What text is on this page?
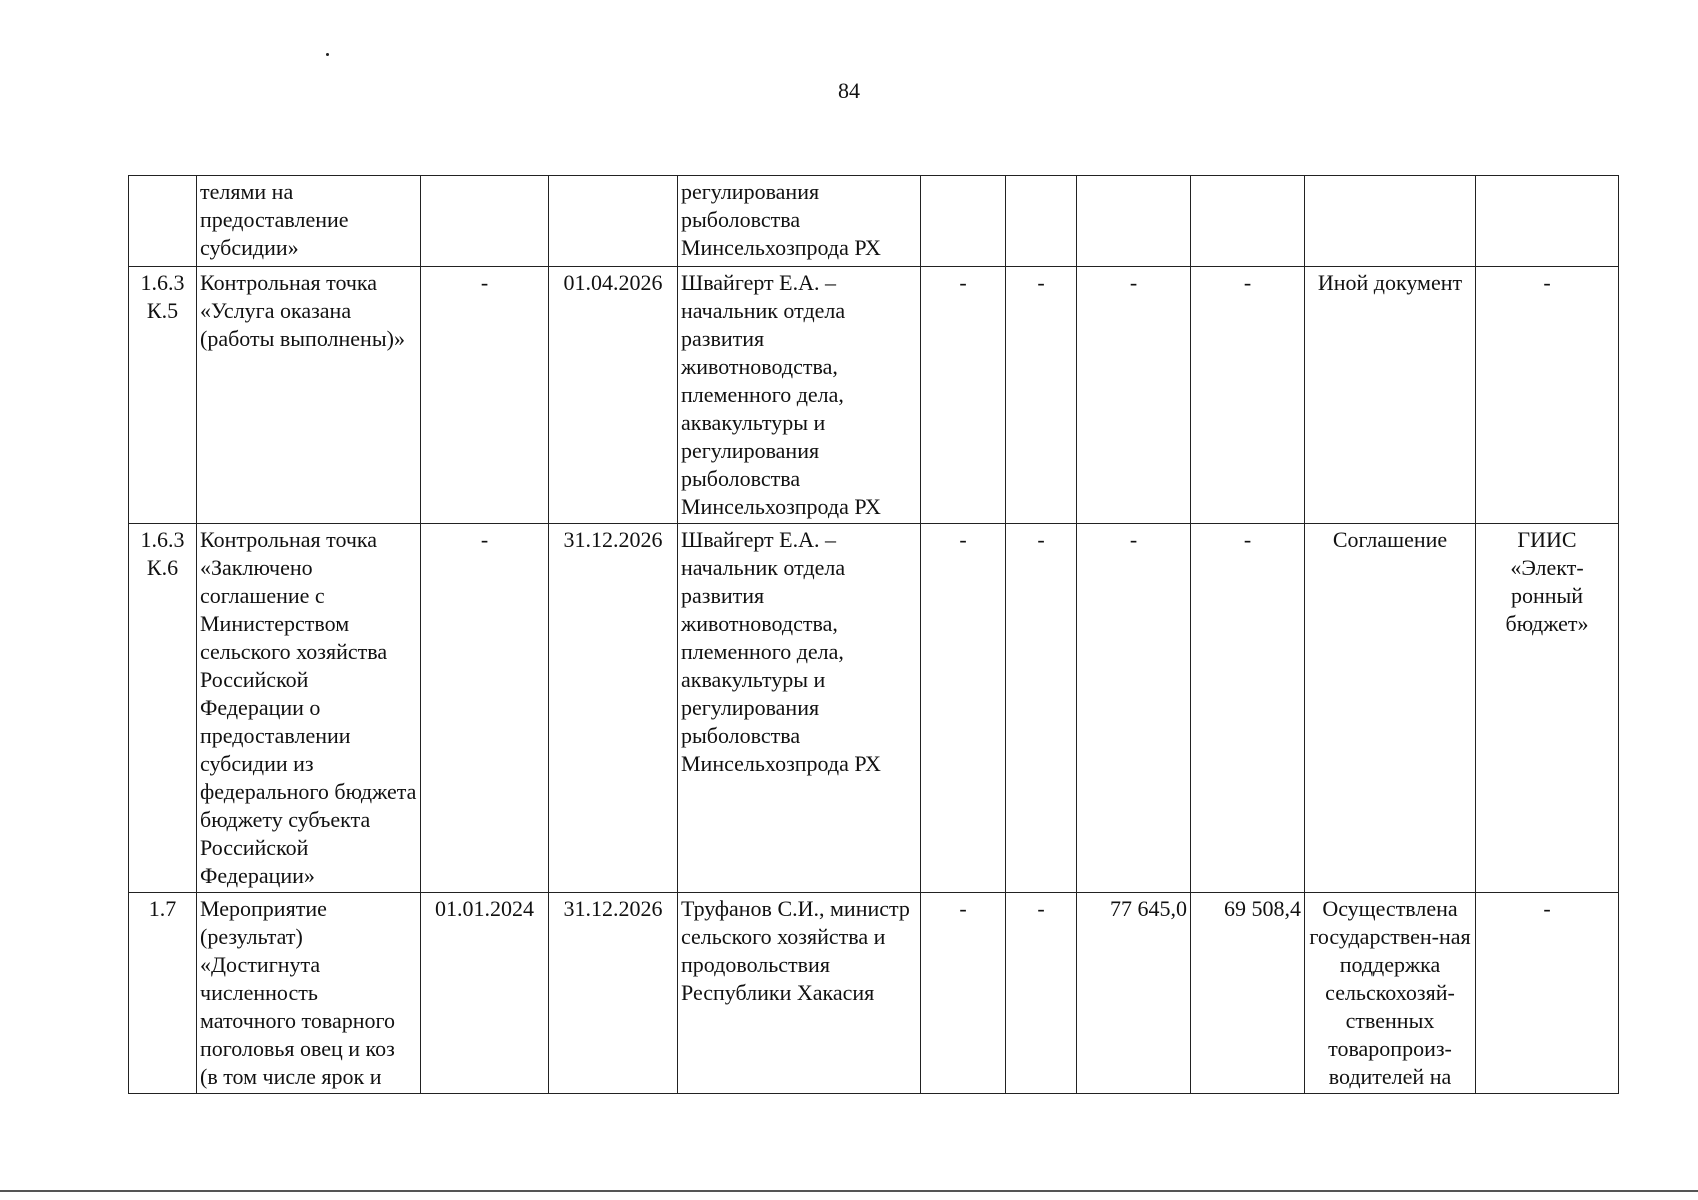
84
	телями на предоставление субсидии»			регулирования рыболовства Минсельхозпрода РХ						
1.6.3 К.5	Контрольная точка «Услуга оказана (работы выполнены)»	-	01.04.2026	Швайгерт Е.А. – начальник отдела развития животноводства, племенного дела, аквакультуры и регулирования рыболовства Минсельхозпрода РХ	-	-	-	-	Иной документ	-
1.6.3 К.6	Контрольная точка «Заключено соглашение с Министерством сельского хозяйства Российской Федерации о предоставлении субсидии из федерального бюджета бюджету субъекта Российской Федерации»	-	31.12.2026	Швайгерт Е.А. – начальник отдела развития животноводства, племенного дела, аквакультуры и регулирования рыболовства Минсельхозпрода РХ	-	-	-	-	Соглашение	ГИИС «Элект-ронный бюджет»
1.7	Мероприятие (результат) «Достигнута численность маточного товарного поголовья овец и коз (в том числе ярок и	01.01.2024	31.12.2026	Труфанов С.И., министр сельского хозяйства и продовольствия Республики Хакасия	-	-	77 645,0	69 508,4	Осуществлена государствен-ная поддержка сельскохозяй-ственных товаропроиз-водителей на	-
